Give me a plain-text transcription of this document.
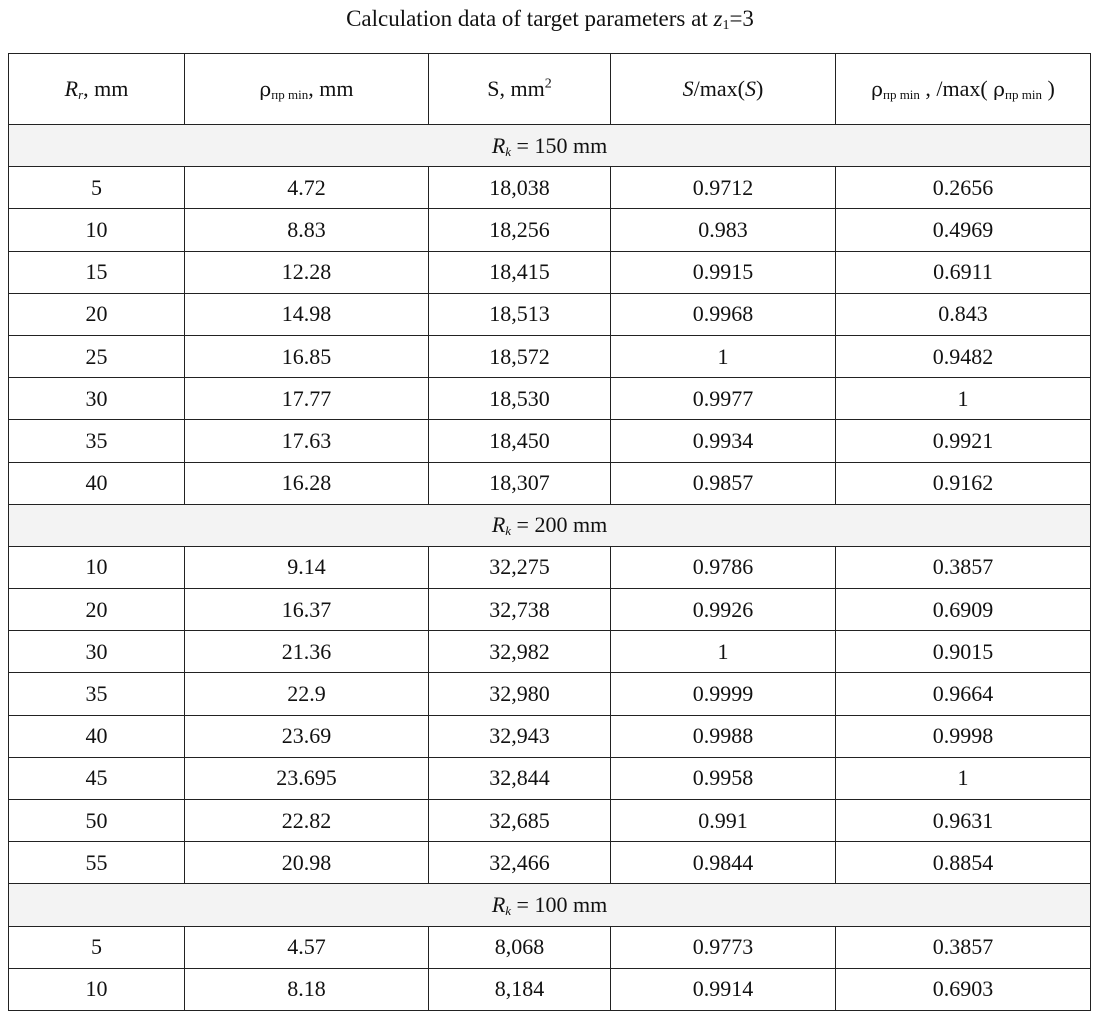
Calculation data of target parameters at $z_1=3$
Rr, mm	ρпр min, mm	S, $mm^2$	S/max(S)	ρпр min , /max( ρпр min )
Rk = 150 mm				
5	4.72	18,038	0.9712	0.2656
10	8.83	18,256	0.983	0.4969
15	12.28	18,415	0.9915	0.6911
20	14.98	18,513	0.9968	0.843
25	16.85	18,572	1	0.9482
30	17.77	18,530	0.9977	1
35	17.63	18,450	0.9934	0.9921
40	16.28	18,307	0.9857	0.9162
Rk = 200 mm				
10	9.14	32,275	0.9786	0.3857
20	16.37	32,738	0.9926	0.6909
30	21.36	32,982	1	0.9015
35	22.9	32,980	0.9999	0.9664
40	23.69	32,943	0.9988	0.9998
45	23.695	32,844	0.9958	1
50	22.82	32,685	0.991	0.9631
55	20.98	32,466	0.9844	0.8854
Rk = 100 mm				
5	4.57	8,068	0.9773	0.3857
10	8.18	8,184	0.9914	0.6903
